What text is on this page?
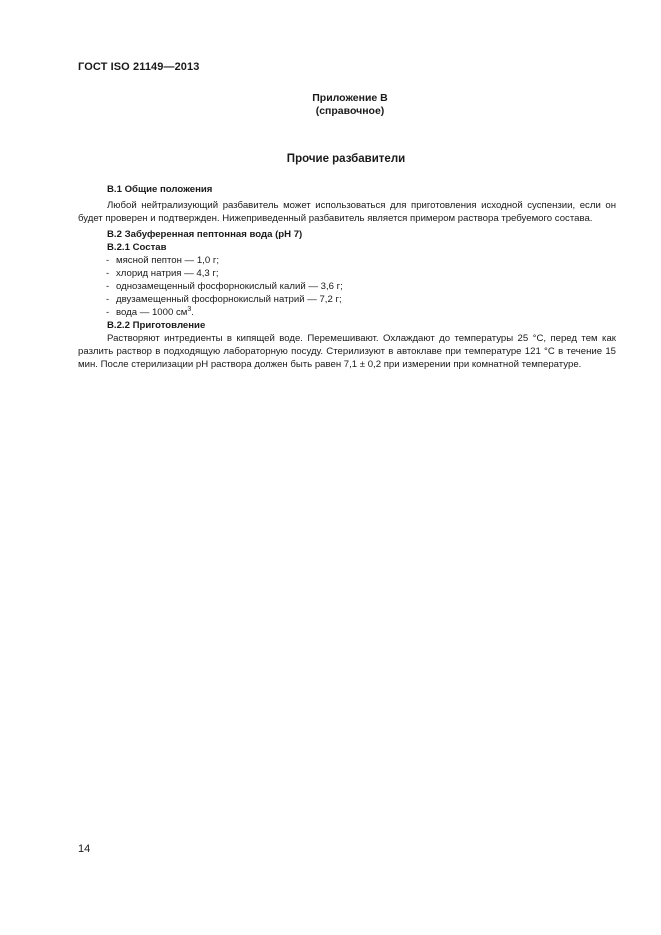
ГОСТ ISO 21149—2013
Приложение В
(справочное)
Прочие разбавители
В.1 Общие положения
Любой нейтрализующий разбавитель может использоваться для приготовления исходной суспензии, если он будет проверен и подтвержден. Нижеприведенный разбавитель является примером раствора требуемого состава.
В.2 Забуференная пептонная вода (pH 7)
В.2.1 Состав
- мясной пептон — 1,0 г;
- хлорид натрия — 4,3 г;
- однозамещенный фосфорнокислый калий — 3,6 г;
- двузамещенный фосфорнокислый натрий — 7,2 г;
- вода — 1000 $см^3$.
В.2.2 Приготовление
Растворяют интредиенты в кипящей воде. Перемешивают. Охлаждают до температуры 25 °С, перед тем как разлить раствор в подходящую лабораторную посуду. Стерилизуют в автоклаве при температуре 121 °С в течение 15 мин. После стерилизации pH раствора должен быть равен 7,1 ± 0,2 при измерении при комнатной температуре.
14
